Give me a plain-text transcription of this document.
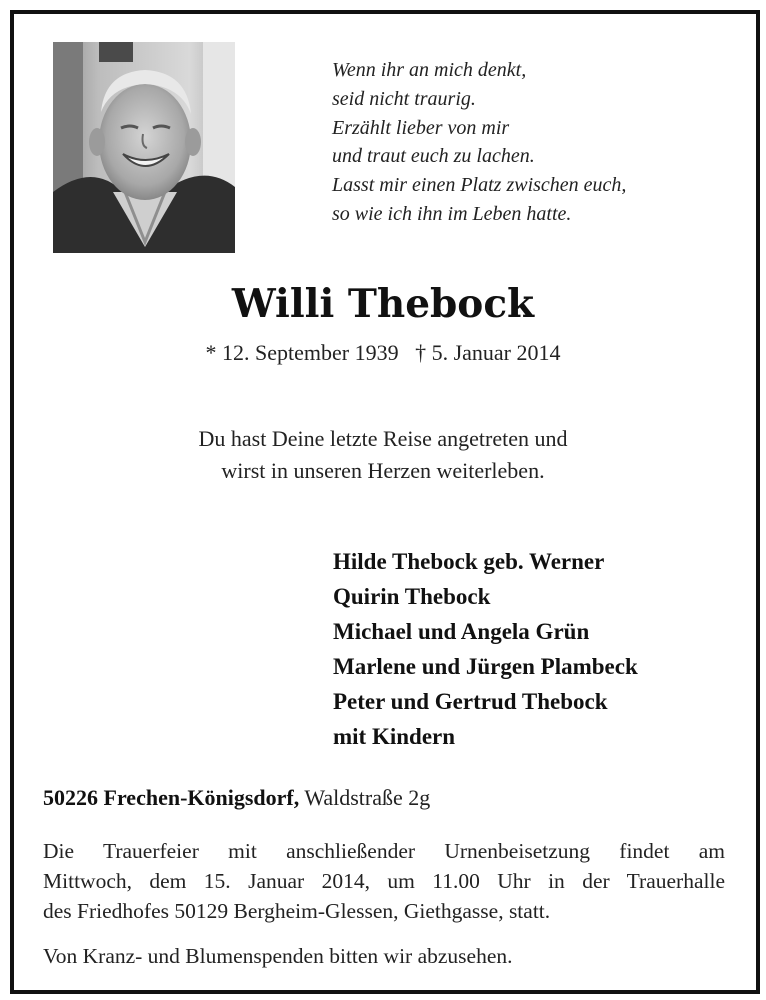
Wenn ihr an mich denkt,
seid nicht traurig.
Erzählt lieber von mir
und traut euch zu lachen.
Lasst mir einen Platz zwischen euch,
so wie ich ihn im Leben hatte.
Willi Thebock
* 12. September 1939 † 5. Januar 2014
Du hast Deine letzte Reise angetreten und
wirst in unseren Herzen weiterleben.
Hilde Thebock geb. Werner
Quirin Thebock
Michael und Angela Grün
Marlene und Jürgen Plambeck
Peter und Gertrud Thebock
mit Kindern
50226 Frechen-Königsdorf, Waldstraße 2g
Die Trauerfeier mit anschließender Urnenbeisetzung findet am
Mittwoch, dem 15. Januar 2014, um 11.00 Uhr in der Trauerhalle
des Friedhofes 50129 Bergheim-Glessen, Giethgasse, statt.
Von Kranz- und Blumenspenden bitten wir abzusehen.
